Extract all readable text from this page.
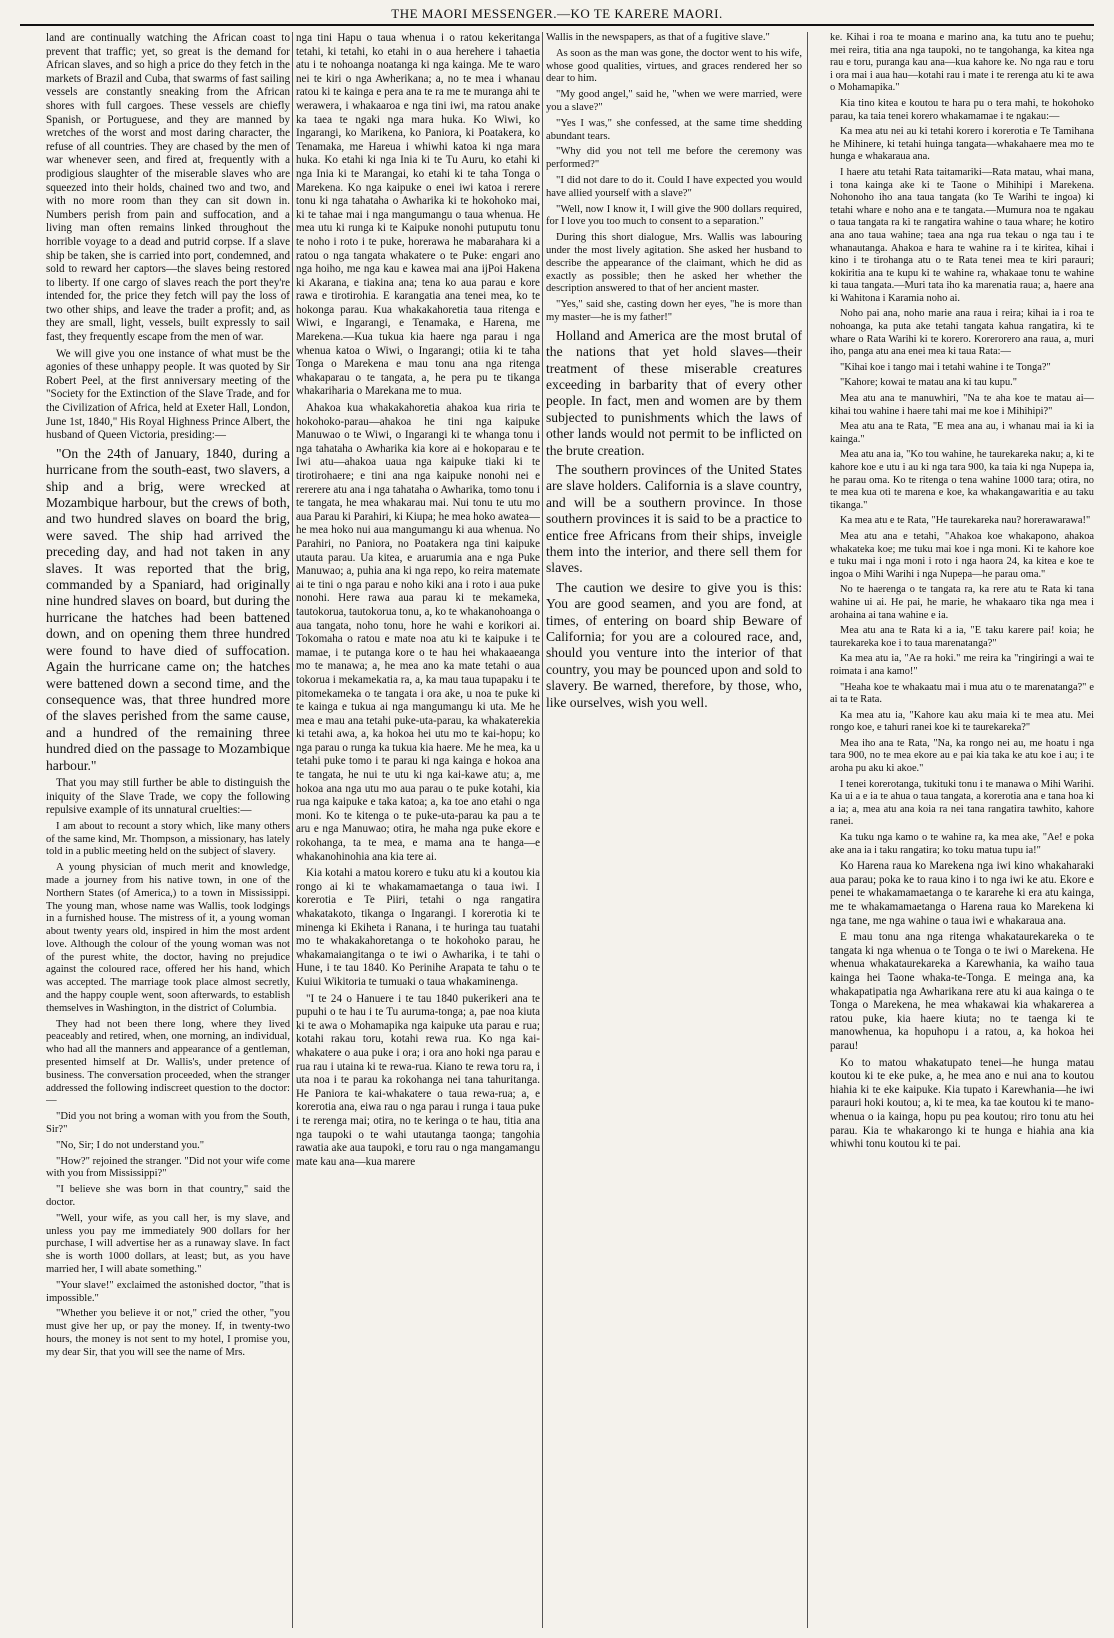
THE MAORI MESSENGER.—KO TE KARERE MAORI.

land are continually watching the African coast to prevent that traffic; yet, so great is the demand for African slaves, and so high a price do they fetch in the markets of Brazil and Cuba, that swarms of fast sailing vessels are constantly sneaking from the African shores with full cargoes. These vessels are chiefly Spanish, or Portuguese, and they are manned by wretches of the worst and most daring character, the refuse of all countries. They are chased by the men of war whenever seen, and fired at, frequently with a prodigious slaughter of the miserable slaves who are squeezed into their holds, chained two and two, and with no more room than they can sit down in. Numbers perish from pain and suffocation, and a living man often remains linked throughout the horrible voyage to a dead and putrid corpse. If a slave ship be taken, she is carried into port, condemned, and sold to reward her captors—the slaves being restored to liberty. If one cargo of slaves reach the port they're intended for, the price they fetch will pay the loss of two other ships, and leave the trader a profit; and, as they are small, light, vessels, built expressly to sail fast, they frequently escape from the men of war.

We will give you one instance of what must be the agonies of these unhappy people. It was quoted by Sir Robert Peel, at the first anniversary meeting of the "Society for the Extinction of the Slave Trade, and for the Civilization of Africa, held at Exeter Hall, London, June 1st, 1840," His Royal Highness Prince Albert, the husband of Queen Victoria, presiding:—

"On the 24th of January, 1840, during a hurricane from the south-east, two slavers, a ship and a brig, were wrecked at Mozambique harbour, but the crews of both, and two hundred slaves on board the brig, were saved. The ship had arrived the preceding day, and had not taken in any slaves. It was reported that the brig, commanded by a Spaniard, had originally nine hundred slaves on board, but during the hurricane the hatches had been battened down, and on opening them three hundred were found to have died of suffocation. Again the hurricane came on; the hatches were battened down a second time, and the consequence was, that three hundred more of the slaves perished from the same cause, and a hundred of the remaining three hundred died on the passage to Mozambique harbour."

That you may still further be able to distinguish the iniquity of the Slave Trade, we copy the following repulsive example of its unnatural cruelties:—

I am about to recount a story which, like many others of the same kind, Mr. Thompson, a missionary, has lately told in a public meeting held on the subject of slavery.

A young physician of much merit and knowledge, made a journey from his native town, in one of the Northern States (of America,) to a town in Mississippi. The young man, whose name was Wallis, took lodgings in a furnished house. The mistress of it, a young woman about twenty years old, inspired in him the most ardent love. Although the colour of the young woman was not of the purest white, the doctor, having no prejudice against the coloured race, offered her his hand, which was accepted. The marriage took place almost secretly, and the happy couple went, soon afterwards, to establish themselves in Washington, in the district of Columbia.

They had not been there long, where they lived peaceably and retired, when, one morning, an individual, who had all the manners and appearance of a gentleman, presented himself at Dr. Wallis's, under pretence of business. The conversation proceeded, when the stranger addressed the following indiscreet question to the doctor:—

"Did you not bring a woman with you from the South, Sir?"

"No, Sir; I do not understand you."

"How?" rejoined the stranger. "Did not your wife come with you from Mississippi?"

"I believe she was born in that country," said the doctor.

"Well, your wife, as you call her, is my slave, and unless you pay me immediately 900 dollars for her purchase, I will advertise her as a runaway slave. In fact she is worth 1000 dollars, at least; but, as you have married her, I will abate something."

"Your slave!" exclaimed the astonished doctor, "that is impossible."

"Whether you believe it or not," cried the other, "you must give her up, or pay the money. If, in twenty-two hours, the money is not sent to my hotel, I promise you, my dear Sir, that you will see the name of Mrs.

nga tini Hapu o taua whenua i o ratou kekeritanga tetahi, ki tetahi, ko etahi in o aua herehere i tahaetia atu i te nohoanga noatanga ki nga kainga. Me te waro nei te kiri o nga Awherikana; a, no te mea i whanau ratou ki te kainga e pera ana te ra me te muranga ahi te werawera, i whakaaroa e nga tini iwi, ma ratou anake ka taea te ngaki nga mara huka. Ko Wiwi, ko Ingarangi, ko Marikena, ko Paniora, ki Poatakera, ko Tenamaka, me Hareua i whiwhi katoa ki nga mara huka. Ko etahi ki nga Inia ki te Tu Auru, ko etahi ki nga Inia ki te Marangai, ko etahi ki te taha Tonga o Marekena. Ko nga kaipuke o enei iwi katoa i rerere tonu ki nga tahataha o Awharika ki te hokohoko mai, ki te tahae mai i nga mangumangu o taua whenua. He mea utu ki runga ki te Kaipuke nonohi putuputu tonu te noho i roto i te puke, horerawa he mabarahara ki a ratou o nga tangata whakatere o te Puke: engari ano nga hoiho, me nga kau e kawea mai ana ijPoi Hakena ki Akarana, e tiakina ana; tena ko aua parau e kore rawa e tirotirohia. E karangatia ana tenei mea, ko te hokonga parau. Kua whakakahoretia taua ritenga e Wiwi, e Ingarangi, e Tenamaka, e Harena, me Marekena.—Kua tukua kia haere nga parau i nga whenua katoa o Wiwi, o Ingarangi; otiia ki te taha Tonga o Marekena e mau tonu ana nga ritenga whakaparau o te tangata, a, he pera pu te tikanga whakariharia o Marekana me to mua.

Ahakoa kua whakakahoretia ahakoa kua riria te hokohoko-parau—ahakoa he tini nga kaipuke Manuwao o te Wiwi, o Ingarangi ki te whanga tonu i nga tahataha o Awharika kia kore ai e hokoparau e te Iwi atu—ahakoa uaua nga kaipuke tiaki ki te tirotirohaere; e tini ana nga kaipuke nonohi nei e rererere atu ana i nga tahataha o Awharika, tomo tonu i te tangata, he mea whakarau mai. Nui tonu te utu mo aua Parau ki Parahiri, ki Kiupa; he mea hoko awatea—he mea hoko nui aua mangumangu ki aua whenua. No Parahiri, no Paniora, no Poatakera nga tini kaipuke utauta parau. Ua kitea, e aruarumia ana e nga Puke Manuwao; a, puhia ana ki nga repo, ko reira matemate ai te tini o nga parau e noho kiki ana i roto i aua puke nonohi. Here rawa aua parau ki te mekameka, tautokorua, tautokorua tonu, a, ko te whakanohoanga o aua tangata, noho tonu, hore he wahi e korikori ai. Tokomaha o ratou e mate noa atu ki te kaipuke i te mamae, i te putanga kore o te hau hei whakaaeanga mo te manawa; a, he mea ano ka mate tetahi o aua tokorua i mekamekatia ra, a, ka mau taua tupapaku i te pitomekameka o te tangata i ora ake, u noa te puke ki te kainga e tukua ai nga mangumangu ki uta. Me he mea e mau ana tetahi puke-uta-parau, ka whakaterekia ki tetahi awa, a, ka hokoa hei utu mo te kai-hopu; ko nga parau o runga ka tukua kia haere. Me he mea, ka u tetahi puke tomo i te parau ki nga kainga e hokoa ana te tangata, he nui te utu ki nga kai-kawe atu; a, me hokoa ana nga utu mo aua parau o te puke kotahi, kia rua nga kaipuke e taka katoa; a, ka toe ano etahi o nga moni. Ko te kitenga o te puke-uta-parau ka pau a te aru e nga Manuwao; otira, he maha nga puke ekore e rokohanga, ta te mea, e mama ana te hanga—e whakanohinohia ana kia tere ai.

Kia kotahi a matou korero e tuku atu ki a koutou kia rongo ai ki te whakamamaetanga o taua iwi. I korerotia e Te Piiri, tetahi o nga rangatira whakatakoto, tikanga o Ingarangi. I korerotia ki te minenga ki Ekiheta i Ranana, i te huringa tau tuatahi mo te whakakahoretanga o te hokohoko parau, he whakamaiangitanga o te iwi o Awharika, i te tahi o Hune, i te tau 1840. Ko Perinihe Arapata te tahu o te Kuiui Wikitoria te tumuaki o taua whakaminenga.

"I te 24 o Hanuere i te tau 1840 pukerikeri ana te pupuhi o te hau i te Tu auruma-tonga; a, pae noa kiuta ki te awa o Mohamapika nga kaipuke uta parau e rua; kotahi rakau toru, kotahi rewa rua. Ko nga kai-whakatere o aua puke i ora; i ora ano hoki nga parau e rua rau i utaina ki te rewa-rua. Kiano te rewa toru ra, i uta noa i te parau ka rokohanga nei tana tahuritanga. He Paniora te kai-whakatere o taua rewa-rua; a, e korerotia ana, eiwa rau o nga parau i runga i taua puke i te rerenga mai; otira, no te keringa o te hau, titia ana nga taupoki o te wahi utautanga taonga; tangohia rawatia ake aua taupoki, e toru rau o nga mangamangu mate kau ana—kua marere

Wallis in the newspapers, as that of a fugitive slave."

As soon as the man was gone, the doctor went to his wife, whose good qualities, virtues, and graces rendered her so dear to him.

"My good angel," said he, "when we were married, were you a slave?"

"Yes I was," she confessed, at the same time shedding abundant tears.

"Why did you not tell me before the ceremony was performed?"

"I did not dare to do it. Could I have expected you would have allied yourself with a slave?"

"Well, now I know it, I will give the 900 dollars required, for I love you too much to consent to a separation."

During this short dialogue, Mrs. Wallis was labouring under the most lively agitation. She asked her husband to describe the appearance of the claimant, which he did as exactly as possible; then he asked her whether the description answered to that of her ancient master.

"Yes," said she, casting down her eyes, "he is more than my master—he is my father!"

Holland and America are the most brutal of the nations that yet hold slaves—their treatment of these miserable creatures exceeding in barbarity that of every other people. In fact, men and women are by them subjected to punishments which the laws of other lands would not permit to be inflicted on the brute creation.

The southern provinces of the United States are slave holders. California is a slave country, and will be a southern province. In those southern provinces it is said to be a practice to entice free Africans from their ships, inveigle them into the interior, and there sell them for slaves.

The caution we desire to give you is this: You are good seamen, and you are fond, at times, of entering on board ship Beware of California; for you are a coloured race, and, should you venture into the interior of that country, you may be pounced upon and sold to slavery. Be warned, therefore, by those, who, like ourselves, wish you well.

ke. Kihai i roa te moana e marino ana, ka tutu ano te puehu; mei reira, titia ana nga taupoki, no te tangohanga, ka kitea nga rau e toru, puranga kau ana—kua kahore ke. No nga rau e toru i ora mai i aua hau—kotahi rau i mate i te rerenga atu ki te awa o Mohamapika."

Kia tino kitea e koutou te hara pu o tera mahi, te hokohoko parau, ka taia tenei korero whakamamae i te ngakau:—

Ka mea atu nei au ki tetahi korero i korerotia e Te Tamihana he Mihinere, ki tetahi huinga tangata—whakahaere mea mo te hunga e whakaraua ana.

I haere atu tetahi Rata taitamariki—Rata matau, whai mana, i tona kainga ake ki te Taone o Mihihipi i Marekena. Nohonoho iho ana taua tangata (ko Te Warihi te ingoa) ki tetahi whare e noho ana e te tangata.—Mumura noa te ngakau o taua tangata ra ki te rangatira wahine o taua whare; he kotiro ana ano taua wahine; taea ana nga rua tekau o nga tau i te whanautanga. Ahakoa e hara te wahine ra i te kiritea, kihai i kino i te tirohanga atu o te Rata tenei mea te kiri parauri; kokiritia ana te kupu ki te wahine ra, whakaae tonu te wahine ki taua tangata.—Muri tata iho ka marenatia raua; a, haere ana ki Wahitona i Karamia noho ai.

Noho pai ana, noho marie ana raua i reira; kihai ia i roa te nohoanga, ka puta ake tetahi tangata kahua rangatira, ki te whare o Rata Warihi ki te korero. Korerorero ana raua, a, muri iho, panga atu ana enei mea ki taua Rata:—

"Kihai koe i tango mai i tetahi wahine i te Tonga?"

"Kahore; kowai te matau ana ki tau kupu."

Mea atu ana te manuwhiri, "Na te aha koe te matau ai—kihai tou wahine i haere tahi mai me koe i Mihihipi?"

Mea atu ana te Rata, "E mea ana au, i whanau mai ia ki ia kainga."

Mea atu ana ia, "Ko tou wahine, he taurekareka naku; a, ki te kahore koe e utu i au ki nga tara 900, ka taia ki nga Nupepa ia, he parau oma. Ko te ritenga o tena wahine 1000 tara; otira, no te mea kua oti te marena e koe, ka whakangawaritia e au taku tikanga."

Ka mea atu e te Rata, "He taurekareka nau? horerawarawa!"

Mea atu ana e tetahi, "Ahakoa koe whakapono, ahakoa whakateka koe; me tuku mai koe i nga moni. Ki te kahore koe e tuku mai i nga moni i roto i nga haora 24, ka kitea e koe te ingoa o Mihi Warihi i nga Nupepa—he parau oma."

No te haerenga o te tangata ra, ka rere atu te Rata ki tana wahine ui ai. He pai, he marie, he whakaaro tika nga mea i arohaina ai tana wahine e ia.

Mea atu ana te Rata ki a ia, "E taku karere pai! koia; he taurekareka koe i to taua marenatanga?"

Ka mea atu ia, "Ae ra hoki." me reira ka "ringiringi a wai te roimata i ana kamo!"

"Heaha koe te whakaatu mai i mua atu o te marenatanga?" e ai ta te Rata.

Ka mea atu ia, "Kahore kau aku maia ki te mea atu. Mei rongo koe, e tahuri ranei koe ki te taurekareka?"

Mea iho ana te Rata, "Na, ka rongo nei au, me hoatu i nga tara 900, no te mea ekore au e pai kia taka ke atu koe i au; i te aroha pu aku ki akoe."

I tenei korerotanga, tukituki tonu i te manawa o Mihi Warihi. Ka ui a e ia te ahua o taua tangata, a korerotia ana e tana hoa ki a ia; a, mea atu ana koia ra nei tana rangatira tawhito, kahore ranei.

Ka tuku nga kamo o te wahine ra, ka mea ake, "Ae! e poka ake ana ia i taku rangatira; ko toku matua tupu ia!"

Ko Harena raua ko Marekena nga iwi kino whakaharaki aua parau; poka ke to raua kino i to nga iwi ke atu. Ekore e penei te whakamamaetanga o te kararehe ki era atu kainga, me te whakamamaetanga o Harena raua ko Marekena ki nga tane, me nga wahine o taua iwi e whakaraua ana.

E mau tonu ana nga ritenga whakataurekareka o te tangata ki nga whenua o te Tonga o te iwi o Marekena. He whenua whakataurekareka a Karewhania, ka waiho taua kainga hei Taone whaka-te-Tonga. E meinga ana, ka whakapatipatia nga Awharikana rere atu ki aua kainga o te Tonga o Marekena, he mea whakawai kia whakarerea a ratou puke, kia haere kiuta; no te taenga ki te manowhenua, ka hopuhopu i a ratou, a, ka hokoa hei parau!

Ko to matou whakatupato tenei—he hunga matau koutou ki te eke puke, a, he mea ano e nui ana to koutou hiahia ki te eke kaipuke. Kia tupato i Karewhania—he iwi parauri hoki koutou; a, ki te mea, ka tae koutou ki te mano-whenua o ia kainga, hopu pu pea koutou; riro tonu atu hei parau. Kia te whakarongo ki te hunga e hiahia ana kia whiwhi tonu koutou ki te pai.
